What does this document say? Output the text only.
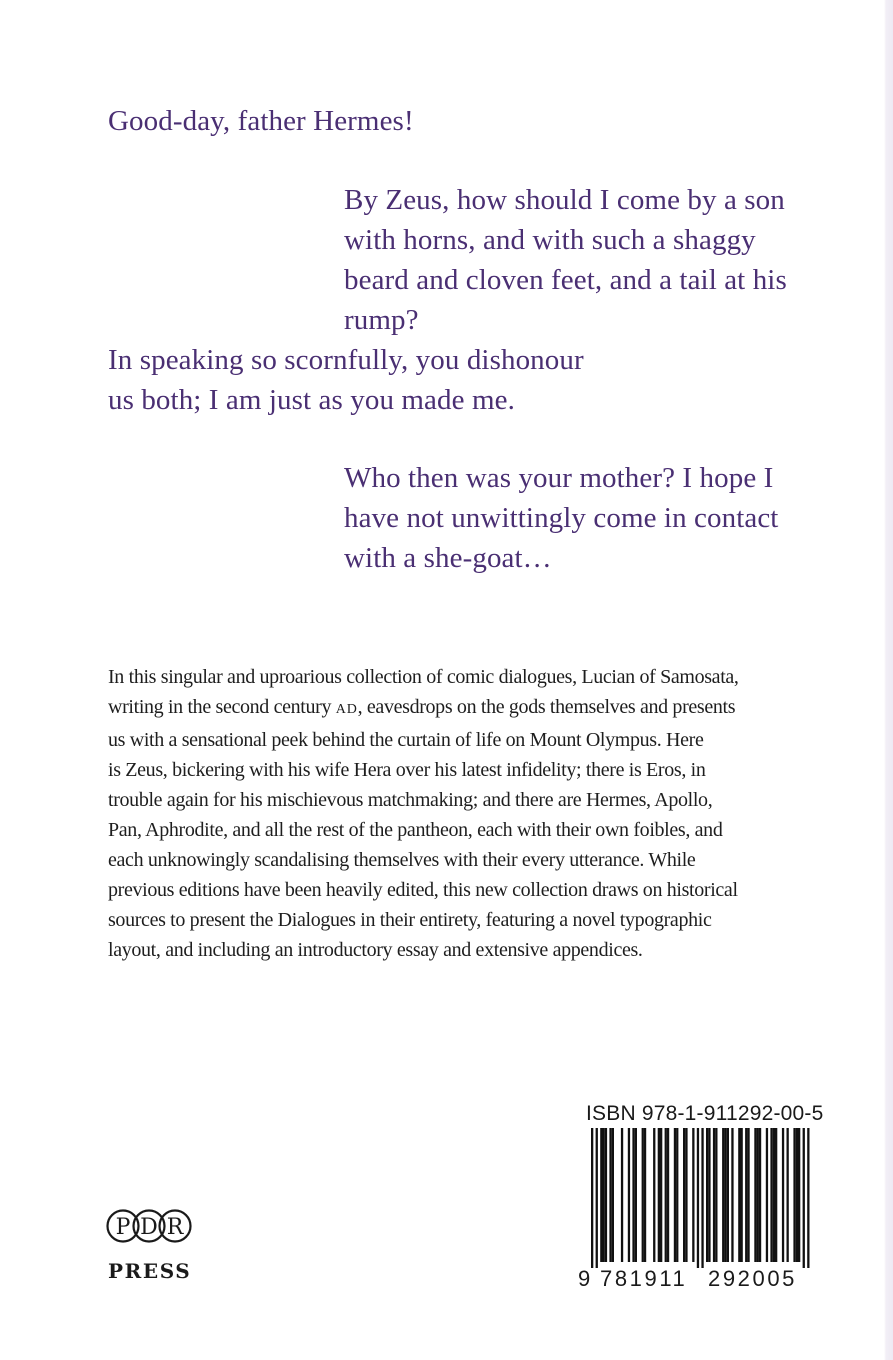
Good-day, father Hermes!

By Zeus, how should I come by a son with horns, and with such a shaggy beard and cloven feet, and a tail at his rump?

In speaking so scornfully, you dishonour us both; I am just as you made me.

Who then was your mother? I hope I have not unwittingly come in contact with a she-goat…

In this singular and uproarious collection of comic dialogues, Lucian of Samosata,
writing in the second century AD, eavesdrops on the gods themselves and presents
us with a sensational peek behind the curtain of life on Mount Olympus. Here
is Zeus, bickering with his wife Hera over his latest infidelity; there is Eros, in
trouble again for his mischievous matchmaking; and there are Hermes, Apollo,
Pan, Aphrodite, and all the rest of the pantheon, each with their own foibles, and
each unknowingly scandalising themselves with their every utterance. While
previous editions have been heavily edited, this new collection draws on historical
sources to present the Dialogues in their entirety, featuring a novel typographic
layout, and including an introductory essay and extensive appendices.

P D R
PRESS
ISBN 978-1-911292-00-5
9 781911 292005
